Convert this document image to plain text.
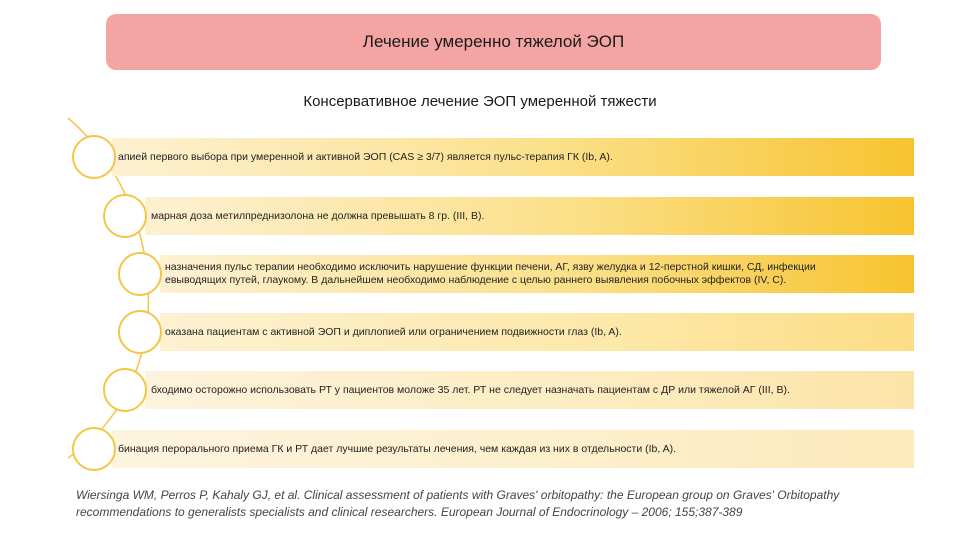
Лечение умеренно тяжелой ЭОП
Консервативное лечение ЭОП умеренной тяжести
апией первого выбора при умеренной и активной ЭОП (CAS ≥ 3/7) является пульс-терапия ГК (Ib, A).
марная доза метилпреднизолона не должна превышать 8 гр. (III, B).
назначения пульс терапии необходимо исключить нарушение функции печени, АГ, язву желудка и 12-перстной кишки, СД, инфекции
евыводящих путей, глаукому. В дальнейшем необходимо наблюдение с целью раннего выявления побочных эффектов (IV, C).
оказана пациентам с активной ЭОП и диплопией или ограничением подвижности глаз (Ib, A).
бходимо осторожно использовать РТ у пациентов моложе 35 лет. РТ не следует назначать пациентам с ДР или тяжелой АГ (III, B).
бинация перорального приема ГК и РТ дает лучшие результаты лечения, чем каждая из них в отдельности (Ib, A).
Wiersinga WM, Perros P, Kahaly GJ, et al. Clinical assessment of patients with Graves' orbitopathy: the European group on Graves' Orbitopathy recommendations to generalists specialists and clinical researchers. European Journal of Endocrinology – 2006; 155;387-389
